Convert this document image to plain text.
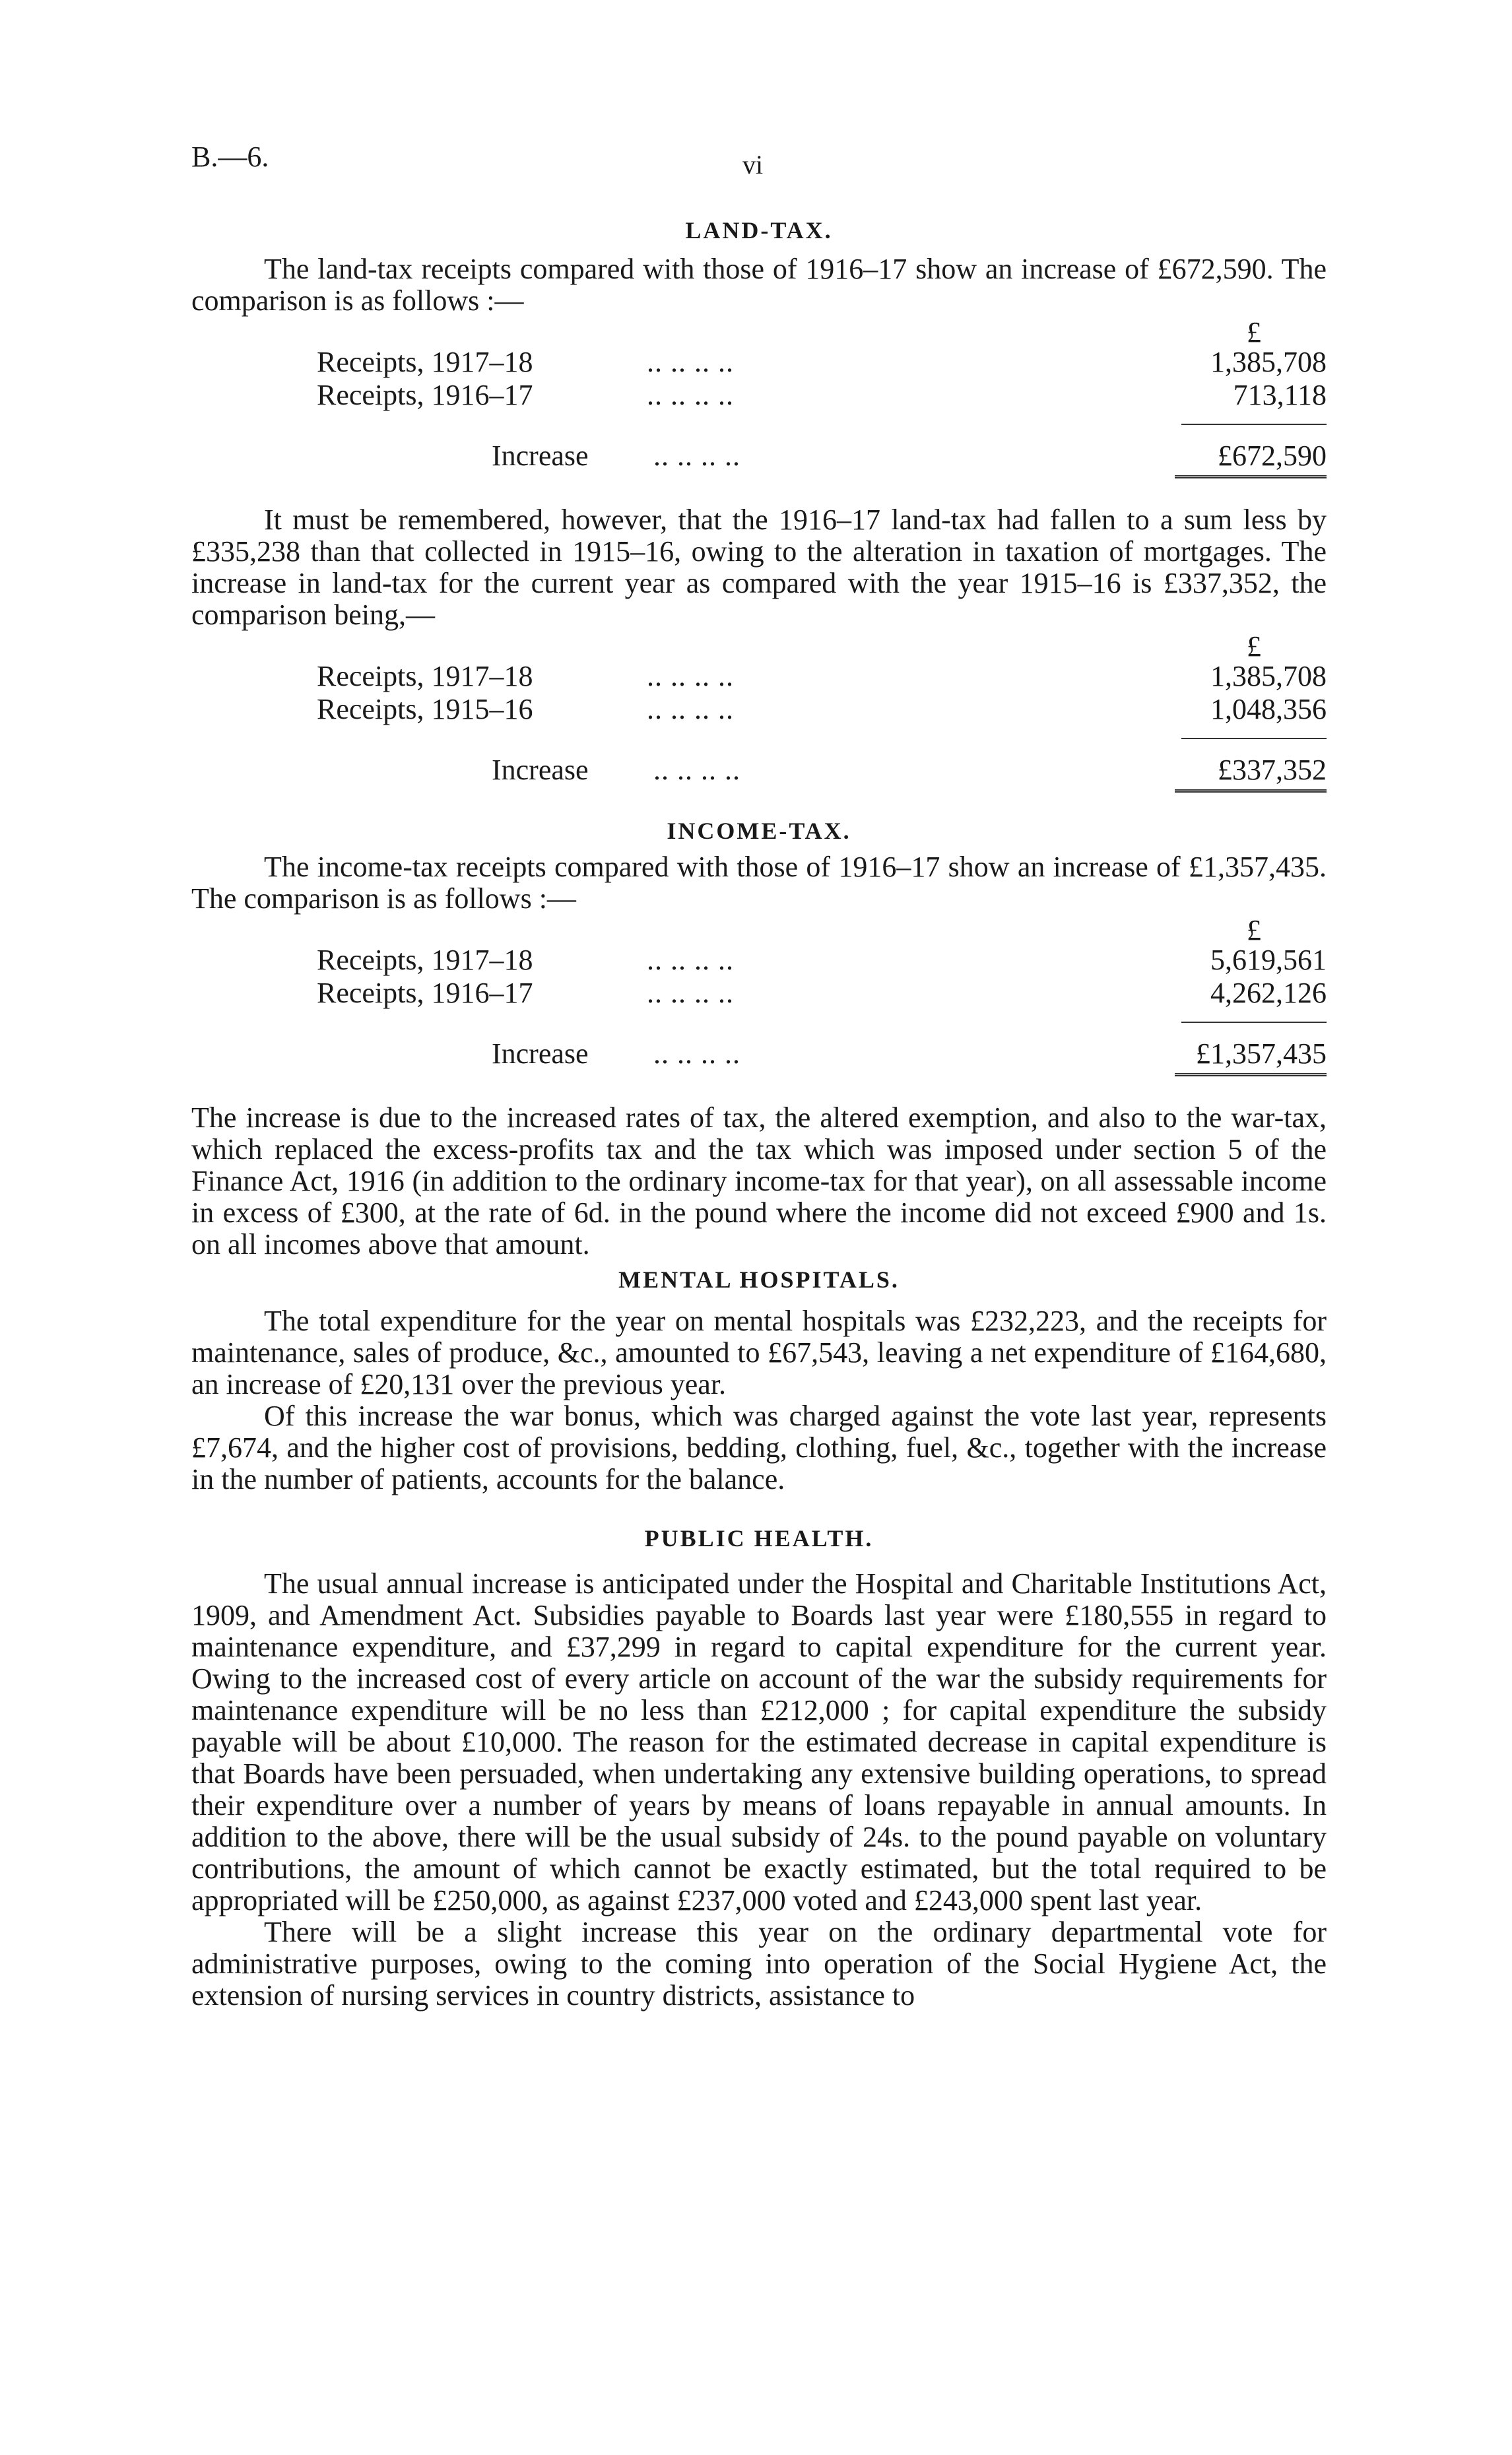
B.—6.	vi
LAND-TAX.

The land-tax receipts compared with those of 1916–17 show an increase of £672,590. The comparison is as follows :—

£
Receipts, 1917–18	.. .. .. ..	1,385,708
Receipts, 1916–17	.. .. .. ..	713,118
Increase .. .. .. ..	£672,590

It must be remembered, however, that the 1916–17 land-tax had fallen to a sum less by £335,238 than that collected in 1915–16, owing to the alteration in taxation of mortgages. The increase in land-tax for the current year as compared with the year 1915–16 is £337,352, the comparison being,—

£
Receipts, 1917–18	.. .. .. ..	1,385,708
Receipts, 1915–16	.. .. .. ..	1,048,356
Increase .. .. .. ..	£337,352
INCOME-TAX.

The income-tax receipts compared with those of 1916–17 show an increase of £1,357,435. The comparison is as follows :—

£
Receipts, 1917–18	.. .. .. ..	5,619,561
Receipts, 1916–17	.. .. .. ..	4,262,126
Increase .. .. .. ..	£1,357,435

The increase is due to the increased rates of tax, the altered exemption, and also to the war-tax, which replaced the excess-profits tax and the tax which was imposed under section 5 of the Finance Act, 1916 (in addition to the ordinary income-tax for that year), on all assessable income in excess of £300, at the rate of 6d. in the pound where the income did not exceed £900 and 1s. on all incomes above that amount.

MENTAL HOSPITALS.

The total expenditure for the year on mental hospitals was £232,223, and the receipts for maintenance, sales of produce, &c., amounted to £67,543, leaving a net expenditure of £164,680, an increase of £20,131 over the previous year.

Of this increase the war bonus, which was charged against the vote last year, represents £7,674, and the higher cost of provisions, bedding, clothing, fuel, &c., together with the increase in the number of patients, accounts for the balance.

PUBLIC HEALTH.

The usual annual increase is anticipated under the Hospital and Charitable Institutions Act, 1909, and Amendment Act. Subsidies payable to Boards last year were £180,555 in regard to maintenance expenditure, and £37,299 in regard to capital expenditure for the current year. Owing to the increased cost of every article on account of the war the subsidy requirements for maintenance expenditure will be no less than £212,000 ; for capital expenditure the subsidy payable will be about £10,000. The reason for the estimated decrease in capital expenditure is that Boards have been persuaded, when undertaking any extensive building operations, to spread their expenditure over a number of years by means of loans repayable in annual amounts. In addition to the above, there will be the usual subsidy of 24s. to the pound payable on voluntary contributions, the amount of which cannot be exactly estimated, but the total required to be appropriated will be £250,000, as against £237,000 voted and £243,000 spent last year.

There will be a slight increase this year on the ordinary departmental vote for administrative purposes, owing to the coming into operation of the Social Hygiene Act, the extension of nursing services in country districts, assistance to
